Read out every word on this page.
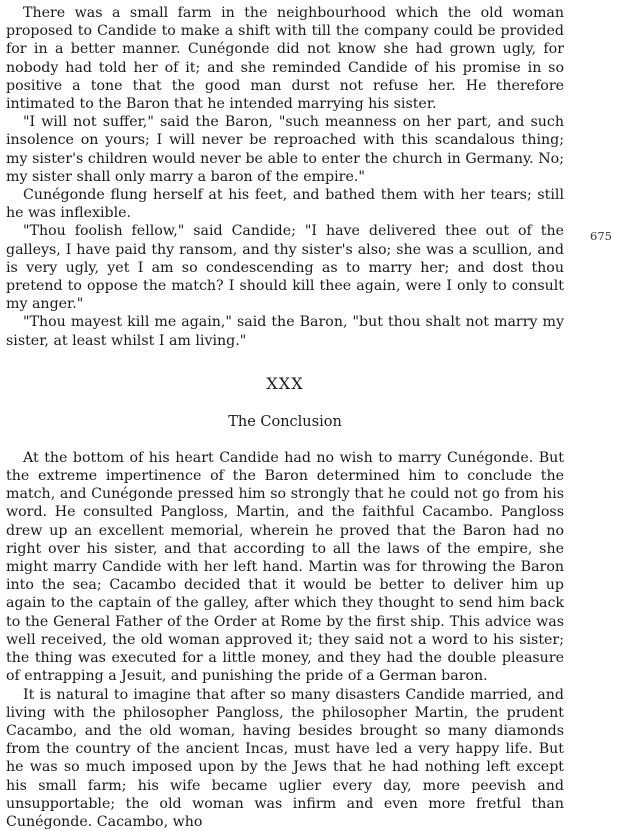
There was a small farm in the neighbourhood which the old woman proposed to Candide to make a shift with till the company could be provided for in a better manner. Cunégonde did not know she had grown ugly, for nobody had told her of it; and she reminded Candide of his promise in so positive a tone that the good man durst not refuse her. He therefore intimated to the Baron that he intended marrying his sister.

"I will not suffer," said the Baron, "such meanness on her part, and such insolence on yours; I will never be reproached with this scandalous thing; my sister's children would never be able to enter the church in Germany. No; my sister shall only marry a baron of the empire."

Cunégonde flung herself at his feet, and bathed them with her tears; still he was inflexible.

"Thou foolish fellow," said Candide; "I have delivered thee out of the galleys, I have paid thy ransom, and thy sister's also; she was a scullion, and is very ugly, yet I am so condescending as to marry her; and dost thou pretend to oppose the match? I should kill thee again, were I only to consult my anger."

"Thou mayest kill me again," said the Baron, "but thou shalt not marry my sister, at least whilst I am living."

XXX
The Conclusion

At the bottom of his heart Candide had no wish to marry Cunégonde. But the extreme impertinence of the Baron determined him to conclude the match, and Cunégonde pressed him so strongly that he could not go from his word. He consulted Pangloss, Martin, and the faithful Cacambo. Pangloss drew up an excellent memorial, wherein he proved that the Baron had no right over his sister, and that according to all the laws of the empire, she might marry Candide with her left hand. Martin was for throwing the Baron into the sea; Cacambo decided that it would be better to deliver him up again to the captain of the galley, after which they thought to send him back to the General Father of the Order at Rome by the first ship. This advice was well received, the old woman approved it; they said not a word to his sister; the thing was executed for a little money, and they had the double pleasure of entrapping a Jesuit, and punishing the pride of a German baron.

It is natural to imagine that after so many disasters Candide married, and living with the philosopher Pangloss, the philosopher Martin, the prudent Cacambo, and the old woman, having besides brought so many diamonds from the country of the ancient Incas, must have led a very happy life. But he was so much imposed upon by the Jews that he had nothing left except his small farm; his wife became uglier every day, more peevish and unsupportable; the old woman was infirm and even more fretful than Cunégonde. Cacambo, who

675
